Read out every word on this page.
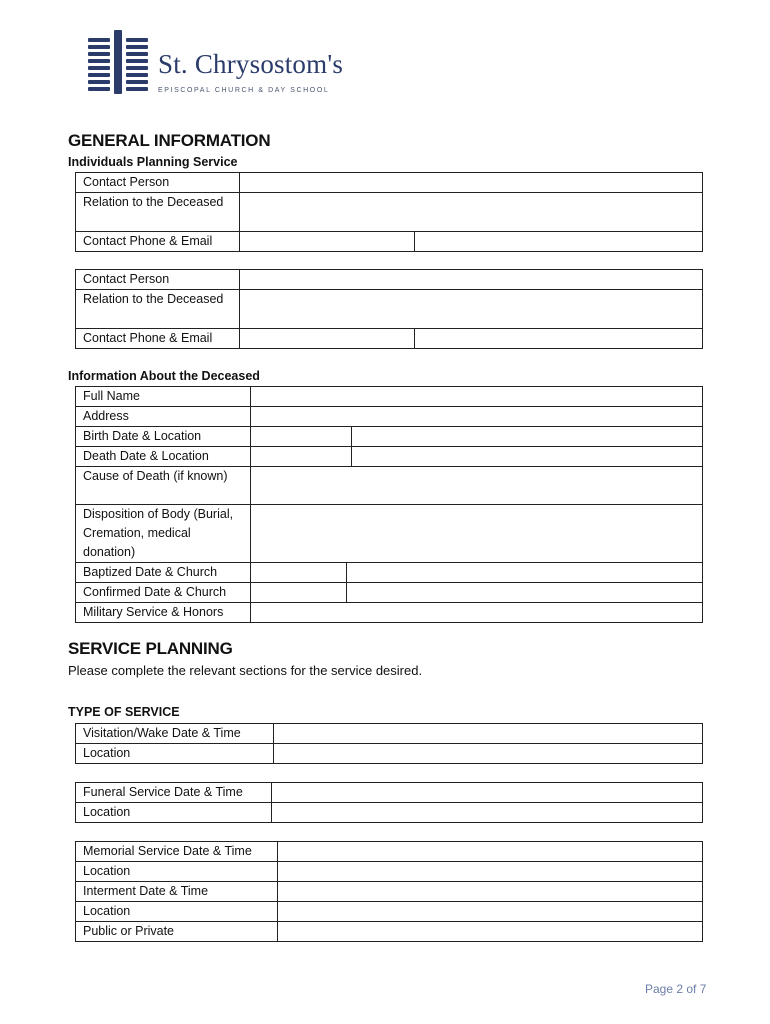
St. Chrysostom's
EPISCOPAL CHURCH & DAY SCHOOL
GENERAL INFORMATION
Individuals Planning Service
Contact Person		
Relation to the Deceased		
Contact Phone & Email		
Contact Person		
Relation to the Deceased		
Contact Phone & Email		
Information About the Deceased
Full Name			
Address			
Birth Date & Location			
Death Date & Location			
Cause of Death (if known)			
Disposition of Body (Burial, Cremation, medical donation)			
Baptized Date & Church			
Confirmed Date & Church			
Military Service & Honors			
SERVICE PLANNING
Please complete the relevant sections for the service desired.
TYPE OF SERVICE
Visitation/Wake Date & Time	
Location	
Funeral Service Date & Time	
Location	
Memorial Service Date & Time	
Location	
Interment Date & Time	
Location	
Public or Private	
Page 2 of 7
